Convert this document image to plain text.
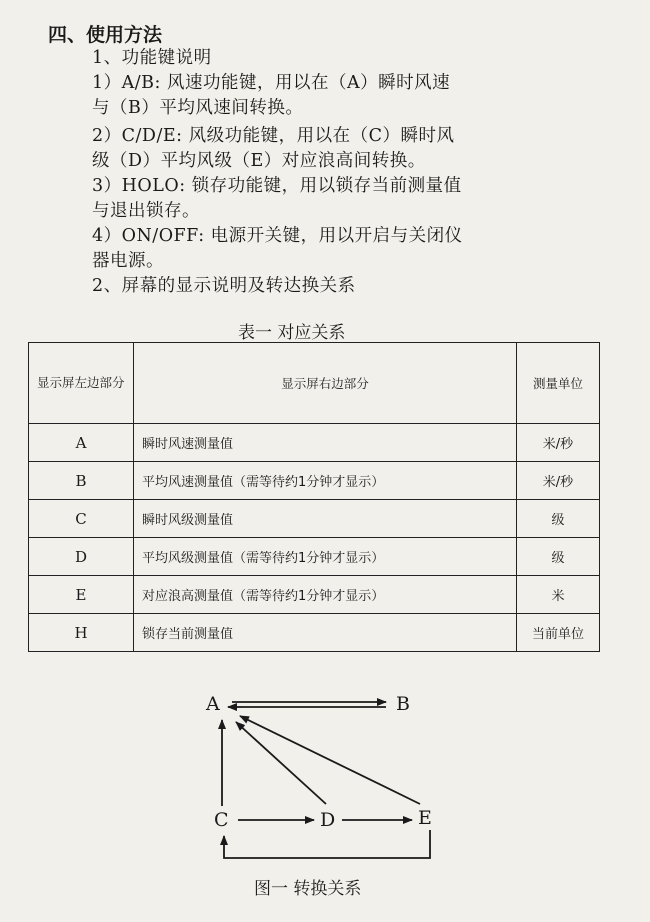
四、使用方法
1、功能键说明
1）A/B: 风速功能键，用以在（A）瞬时风速
与（B）平均风速间转换。
2）C/D/E: 风级功能键，用以在（C）瞬时风
级（D）平均风级（E）对应浪高间转换。
3）HOLO: 锁存功能键，用以锁存当前测量值
与退出锁存。
4）ON/OFF: 电源开关键，用以开启与关闭仪
器电源。
2、屏幕的显示说明及转达换关系
表一 对应关系
显示屏左边部分	显示屏右边部分	测量单位
A	瞬时风速测量值	米/秒
B	平均风速测量值（需等待约1分钟才显示）	米/秒
C	瞬时风级测量值	级
D	平均风级测量值（需等待约1分钟才显示）	级
E	对应浪高测量值（需等待约1分钟才显示）	米
H	锁存当前测量值	当前单位
A	B
C	D	E
图一 转换关系
